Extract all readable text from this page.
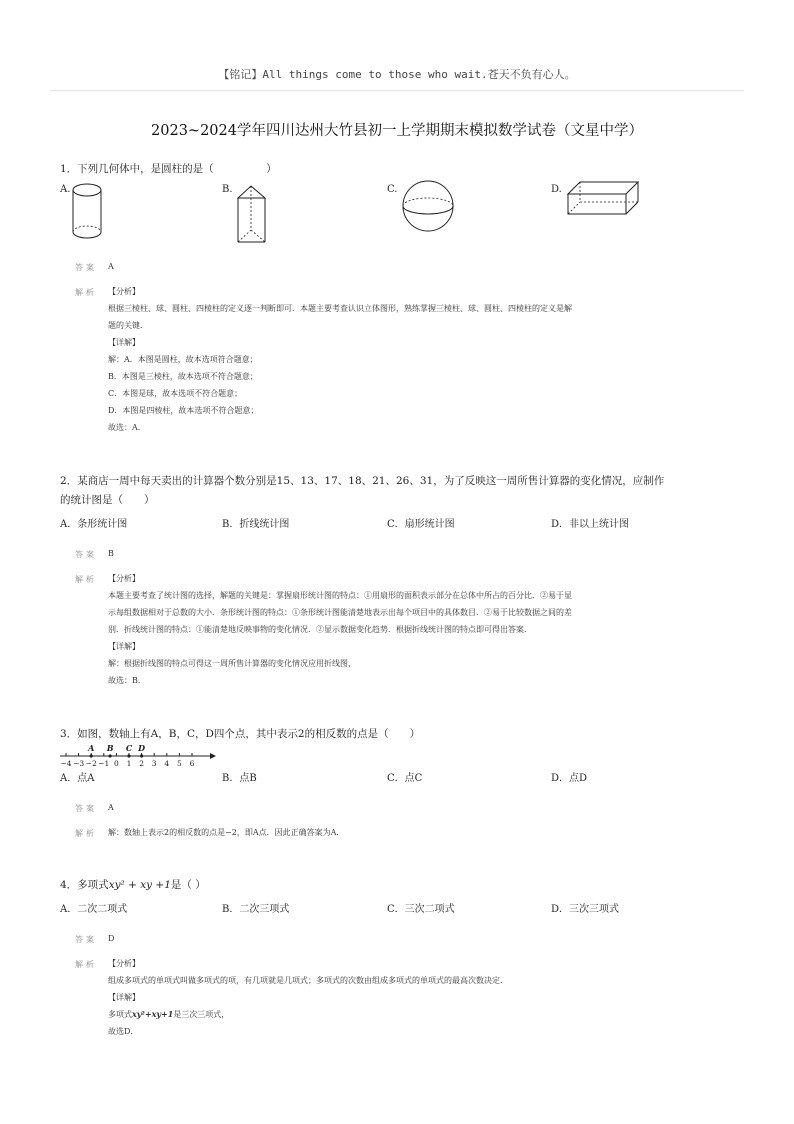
【铭记】All things come to those who wait.苍天不负有心人。
2023~2024学年四川达州大竹县初一上学期期末模拟数学试卷（文星中学）
1．下列几何体中，是圆柱的是（　　　　　）
A.	B.	C.	D.
答案 A
解析 【分析】

根据三棱柱、球、圆柱、四棱柱的定义逐一判断即可．本题主要考查认识立体图形，熟练掌握三棱柱、球、圆柱、四棱柱的定义是解

题的关键．

【详解】

解：A．本图是圆柱，故本选项符合题意；

B．本图是三棱柱，故本选项不符合题意；

C．本图是球，故本选项不符合题意；

D．本图是四棱柱，故本选项不符合题意；

故选：A．

2．某商店一周中每天卖出的计算器个数分别是15、13、17、18、21、26、31，为了反映这一周所售计算器的变化情况，应制作
的统计图是（　　）
A．条形统计图	B．折线统计图	C．扇形统计图	D．非以上统计图
答案 B
解析 【分析】

本题主要考查了统计图的选择，解题的关键是：掌握扇形统计图的特点：①用扇形的面积表示部分在总体中所占的百分比．②易于显

示每组数据相对于总数的大小．条形统计图的特点：①条形统计图能清楚地表示出每个项目中的具体数目．②易于比较数据之间的差

别．折线统计图的特点：①能清楚地反映事物的变化情况．②显示数据变化趋势．根据折线统计图的特点即可得出答案．

【详解】

解：根据折线图的特点可得这一周所售计算器的变化情况应用折线图，

故选：B．

3．如图，数轴上有A，B，C，D四个点，其中表示2的相反数的点是（　　）
−4 −3 −2 −1 0 1 2 3 4 5 6
A B C D
A．点A	B．点B	C．点C	D．点D
答案 A
解析 解：数轴上表示2的相反数的点是−2，即A点．因此正确答案为A．

4．多项式xy² + xy +1是（ ）
A．二次二项式	B．二次三项式	C．三次二项式	D．三次三项式
答案 D
解析 【分析】

组成多项式的单项式叫做多项式的项，有几项就是几项式；多项式的次数由组成多项式的单项式的最高次数决定．

【详解】

多项式xy²+xy+1是三次三项式，

故选D．
